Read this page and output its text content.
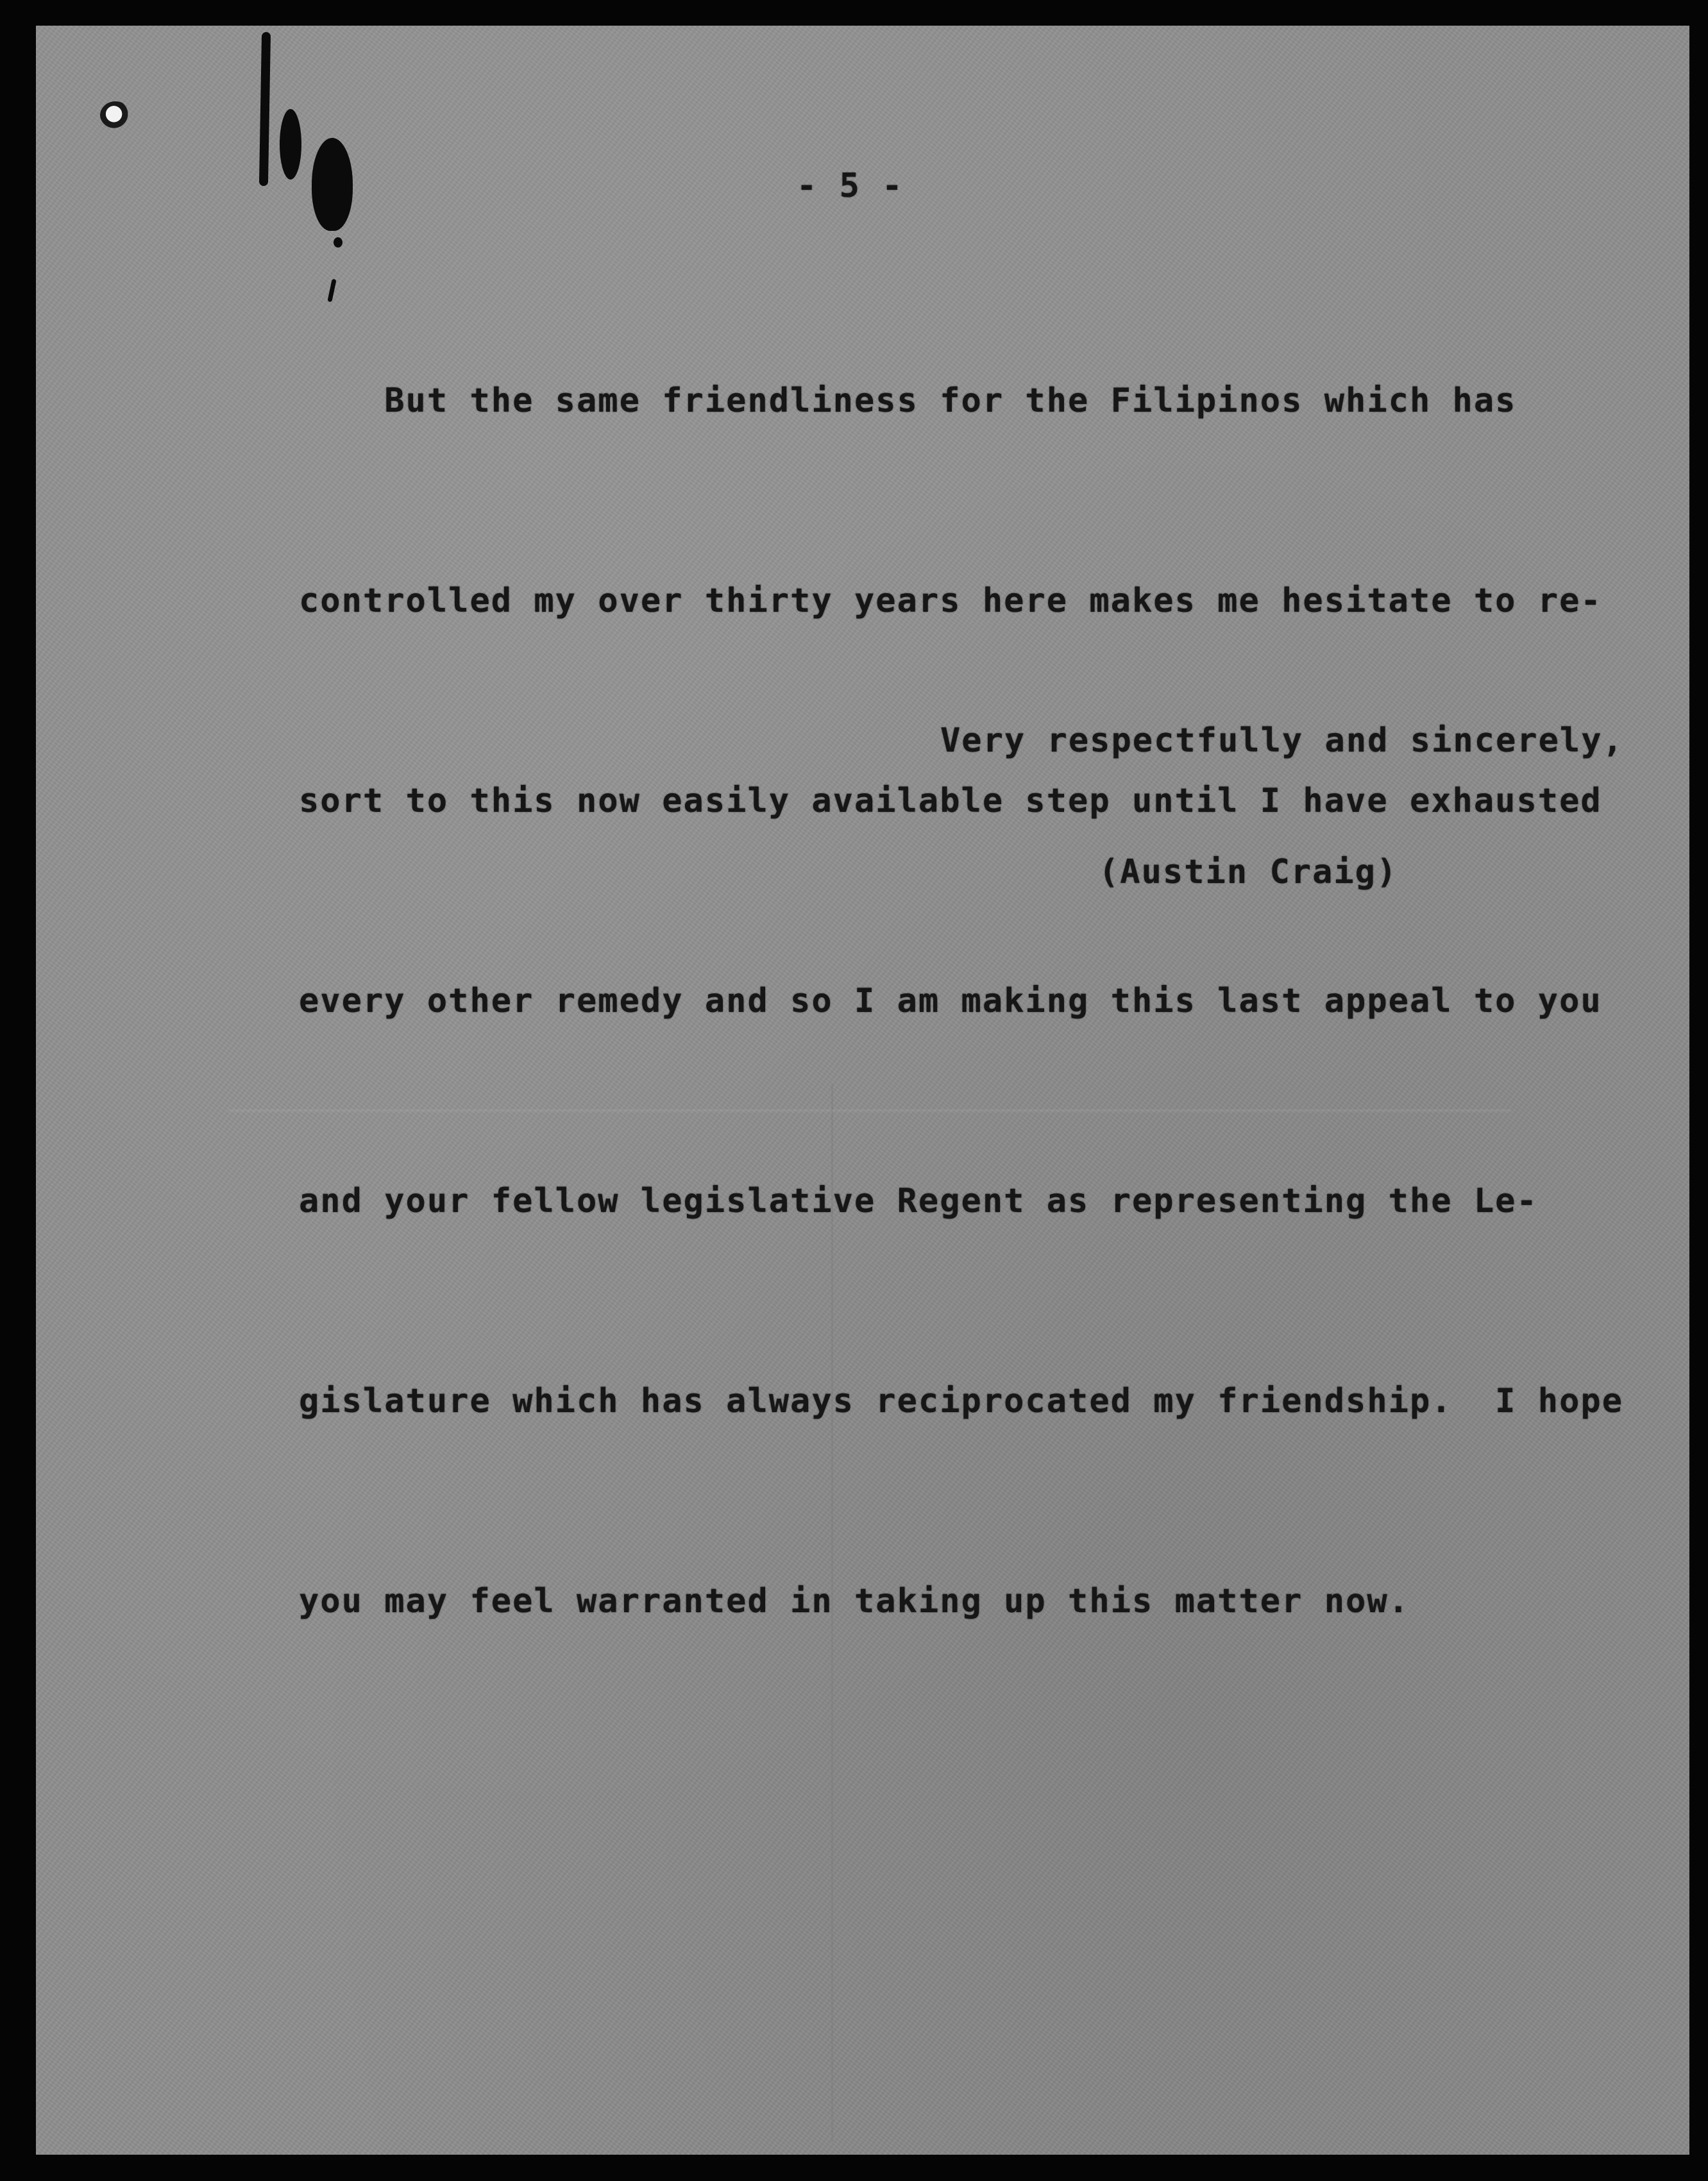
- 5 -

But the same friendliness for the Filipinos which has

controlled my over thirty years here makes me hesitate to re-

sort to this now easily available step until I have exhausted

every other remedy and so I am making this last appeal to you

and your fellow legislative Regent as representing the Le-

gislature which has always reciprocated my friendship.  I hope

you may feel warranted in taking up this matter now.

Very respectfully and sincerely,
(Austin Craig)
